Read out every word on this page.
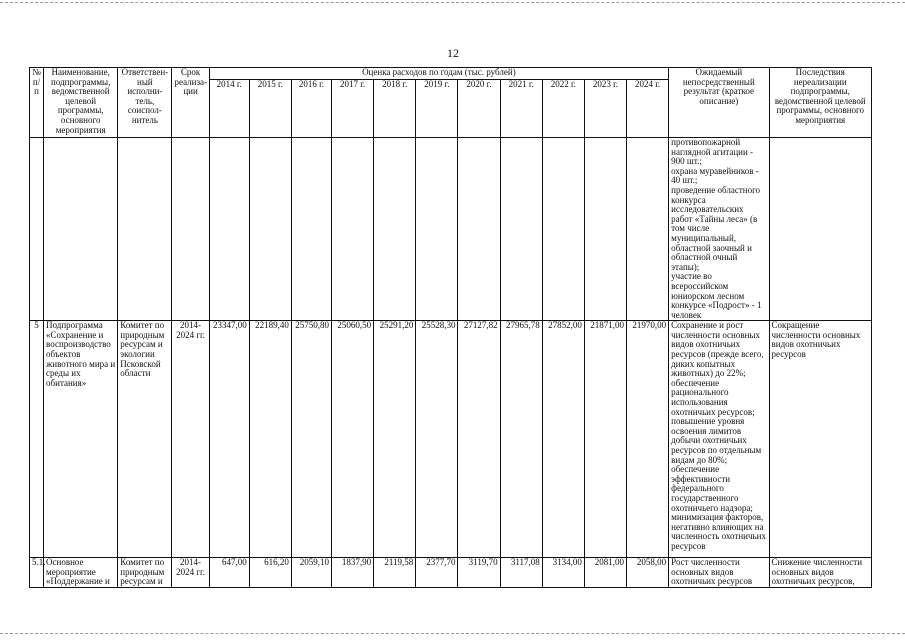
12
№ п/п	Наименование, подпрограммы, ведомственной целевой программы, основного мероприятия	Ответствен-ный исполни-тель, соиспол-нитель	Срок реализа-ции	Оценка расходов по годам (тыс. рублей)											Ожидаемый непосредственный результат (краткое описание)	Последствия нереализации подпрограммы, ведомственной целевой программы, основного мероприятия
				2014 г.	2015 г.	2016 г.	2017 г.	2018 г.	2019 г.	2020 г.	2021 г.	2022 г.	2023 г.	2024 г.		
															противопожарной наглядной агитации - 900 шт.;
охрана муравейников - 40 шт.;
проведение областного конкурса исследовательских работ «Тайны леса» (в том числе муниципальный, областной заочный и областной очный этапы);
участие во всероссийском юниорском лесном конкурсе «Подрост» - 1 человек	
5	Подпрограмма «Сохранение и воспроизводство объектов животного мира и среды их обитания»	Комитет по природным ресурсам и экологии Псковской области	2014-2024 гг.	23347,00	22189,40	25750,80	25060,50	25291,20	25528,30	27127,82	27965,78	27852,00	21871,00	21970,00	Сохранение и рост численности основных видов охотничьих ресурсов (прежде всего, диких копытных животных) до 22%;
обеспечение рационального использования охотничьих ресурсов;
повышение уровня освоения лимитов добычи охотничьих ресурсов по отдельным видам до 80%;
обеспечение эффективности федерального государственного охотничьего надзора;
минимизация факторов, негативно влияющих на численность охотничьих ресурсов	Сокращение численности основных видов охотничьих ресурсов
5.1.	Основное мероприятие «Поддержание и	Комитет по природным ресурсам и	2014-2024 гг.	647,00	616,20	2059,10	1837,90	2119,58	2377,70	3119,70	3117,08	3134,00	2081,00	2058,00	Рост численности основных видов охотничьих ресурсов	Снижение численности основных видов охотничьих ресурсов,
